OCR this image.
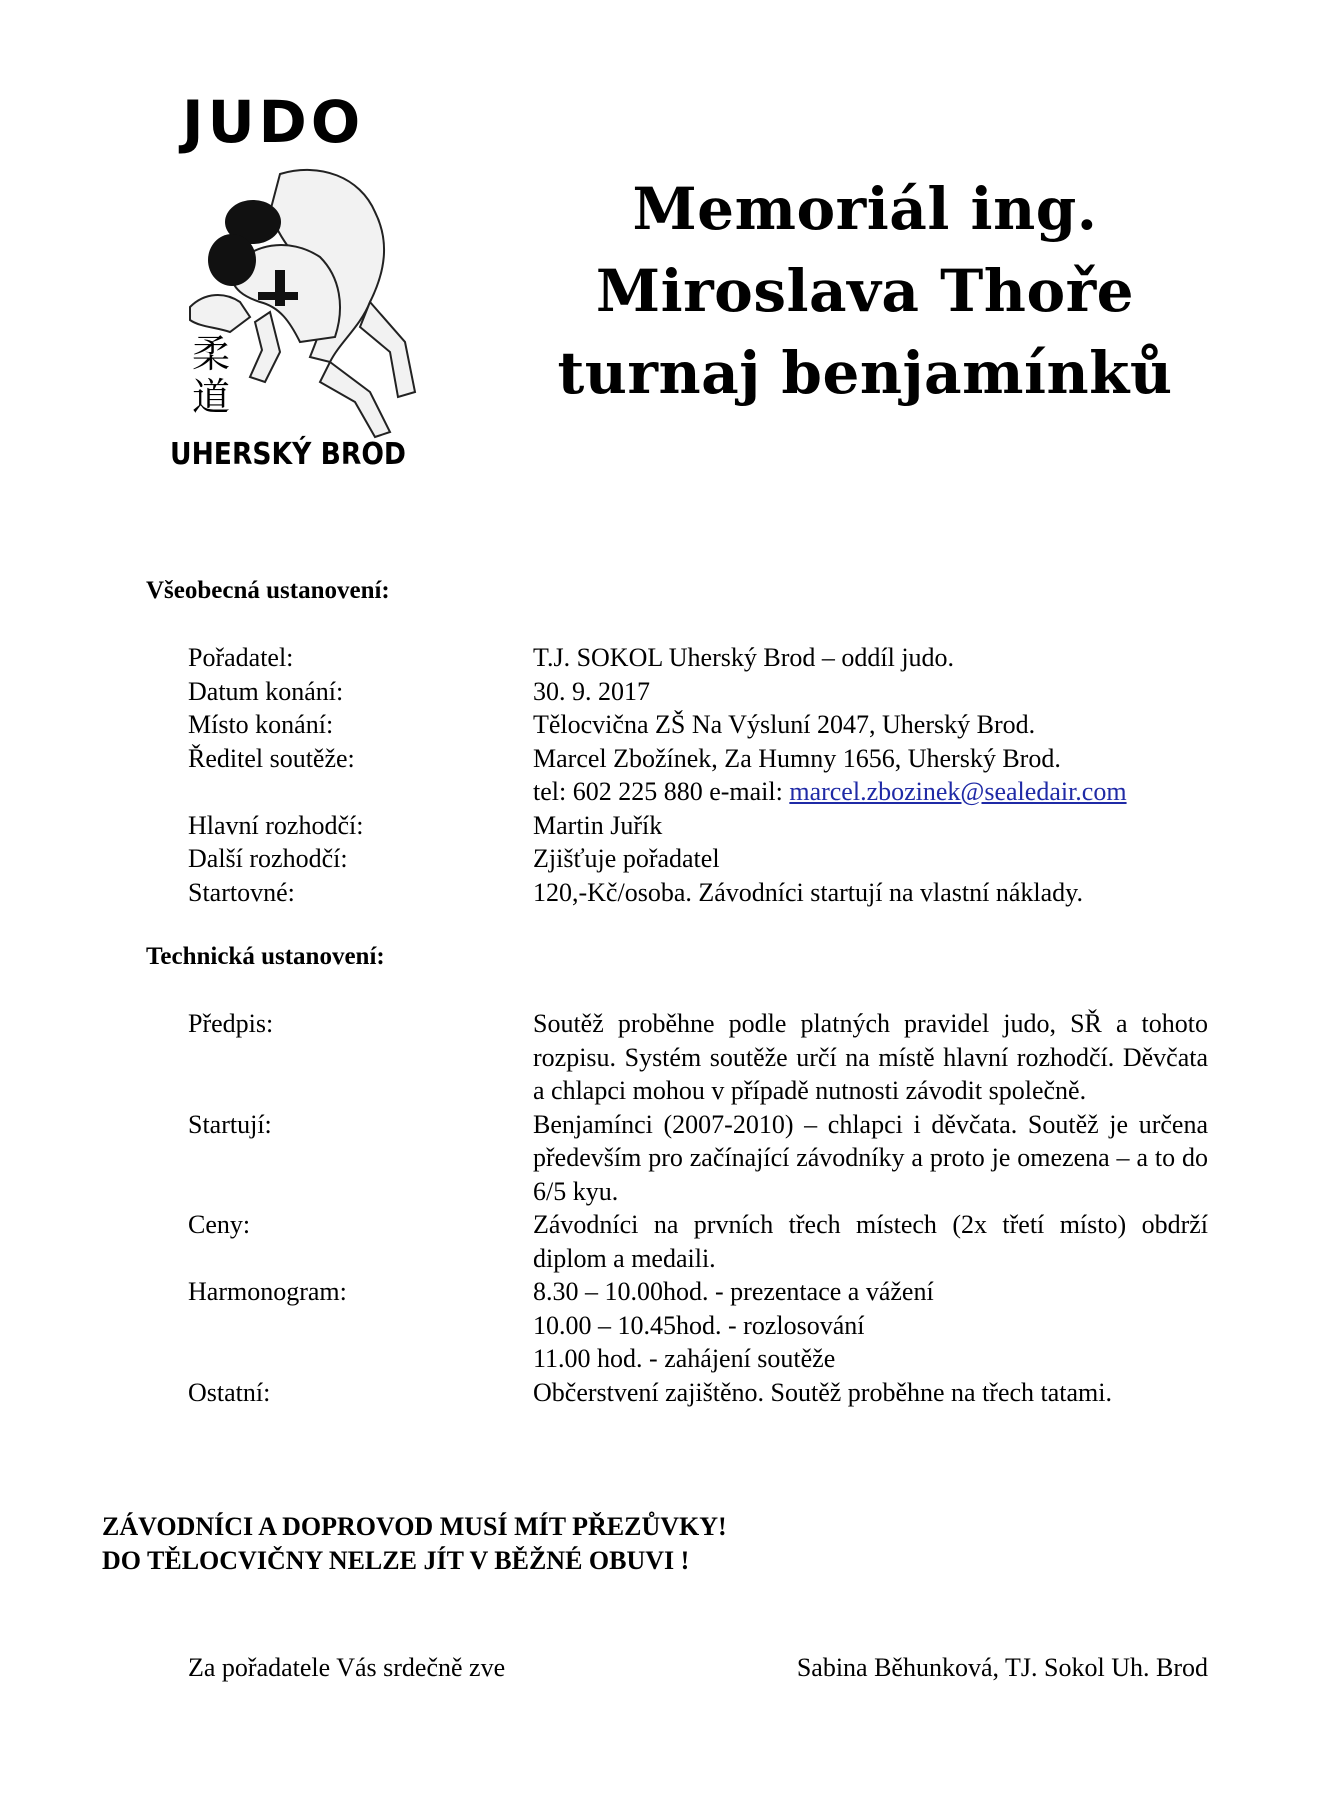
JUDO
柔 道
UHERSKÝ BROD
Memoriál ing.
Miroslava Thoře
turnaj benjamínků
Všeobecná ustanovení:
Pořadatel:	T.J. SOKOL Uherský Brod – oddíl judo.
Datum konání:	30. 9. 2017
Místo konání:	Tělocvična ZŠ Na Výsluní 2047, Uherský Brod.
Ředitel soutěže:	Marcel Zbožínek, Za Humny 1656, Uherský Brod.
tel: 602 225 880 e-mail: marcel.zbozinek@sealedair.com
Hlavní rozhodčí:	Martin Juřík
Další rozhodčí:	Zjišťuje pořadatel
Startovné:	120,-Kč/osoba. Závodníci startují na vlastní náklady.
Technická ustanovení:
Předpis:	Soutěž proběhne podle platných pravidel judo, SŘ a tohoto rozpisu. Systém soutěže určí na místě hlavní rozhodčí. Děvčata a chlapci mohou v případě nutnosti závodit společně.
Startují:	Benjamínci (2007-2010) – chlapci i děvčata. Soutěž je určena především pro začínající závodníky a proto je omezena – a to do 6/5 kyu.
Ceny:	Závodníci na prvních třech místech (2x třetí místo) obdrží diplom a medaili.
Harmonogram:	8.30 – 10.00hod. - prezentace a vážení
10.00 – 10.45hod. - rozlosování
11.00 hod. - zahájení soutěže
Ostatní:	Občerstvení zajištěno. Soutěž proběhne na třech tatami.
ZÁVODNÍCI A DOPROVOD MUSÍ MÍT PŘEZŮVKY!
DO TĚLOCVIČNY NELZE JÍT V BĚŽNÉ OBUVI !
Za pořadatele Vás srdečně zve	Sabina Běhunková, TJ. Sokol Uh. Brod
